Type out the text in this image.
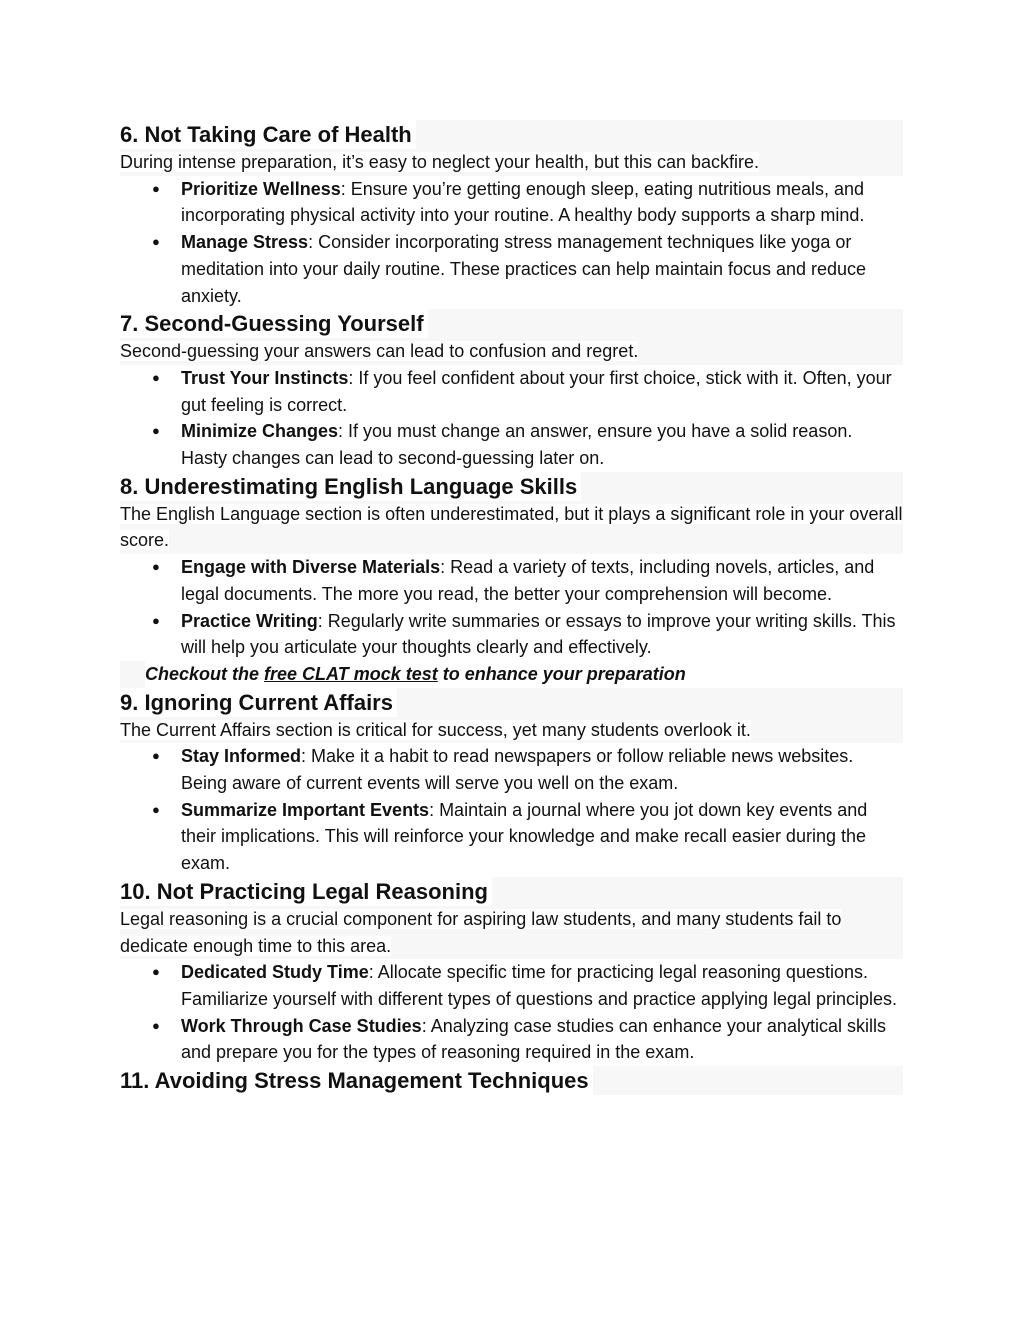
6. Not Taking Care of Health

During intense preparation, it’s easy to neglect your health, but this can backfire.

● Prioritize Wellness: Ensure you’re getting enough sleep, eating nutritious meals, and incorporating physical activity into your routine. A healthy body supports a sharp mind.
● Manage Stress: Consider incorporating stress management techniques like yoga or meditation into your daily routine. These practices can help maintain focus and reduce anxiety.
7. Second-Guessing Yourself

Second-guessing your answers can lead to confusion and regret.

● Trust Your Instincts: If you feel confident about your first choice, stick with it. Often, your gut feeling is correct.
● Minimize Changes: If you must change an answer, ensure you have a solid reason. Hasty changes can lead to second-guessing later on.
8. Underestimating English Language Skills

The English Language section is often underestimated, but it plays a significant role in your overall score.

● Engage with Diverse Materials: Read a variety of texts, including novels, articles, and legal documents. The more you read, the better your comprehension will become.
● Practice Writing: Regularly write summaries or essays to improve your writing skills. This will help you articulate your thoughts clearly and effectively.
Checkout the free CLAT mock test to enhance your preparation
9. Ignoring Current Affairs

The Current Affairs section is critical for success, yet many students overlook it.

● Stay Informed: Make it a habit to read newspapers or follow reliable news websites. Being aware of current events will serve you well on the exam.
● Summarize Important Events: Maintain a journal where you jot down key events and their implications. This will reinforce your knowledge and make recall easier during the exam.
10. Not Practicing Legal Reasoning

Legal reasoning is a crucial component for aspiring law students, and many students fail to dedicate enough time to this area.

● Dedicated Study Time: Allocate specific time for practicing legal reasoning questions. Familiarize yourself with different types of questions and practice applying legal principles.
● Work Through Case Studies: Analyzing case studies can enhance your analytical skills and prepare you for the types of reasoning required in the exam.
11. Avoiding Stress Management Techniques
